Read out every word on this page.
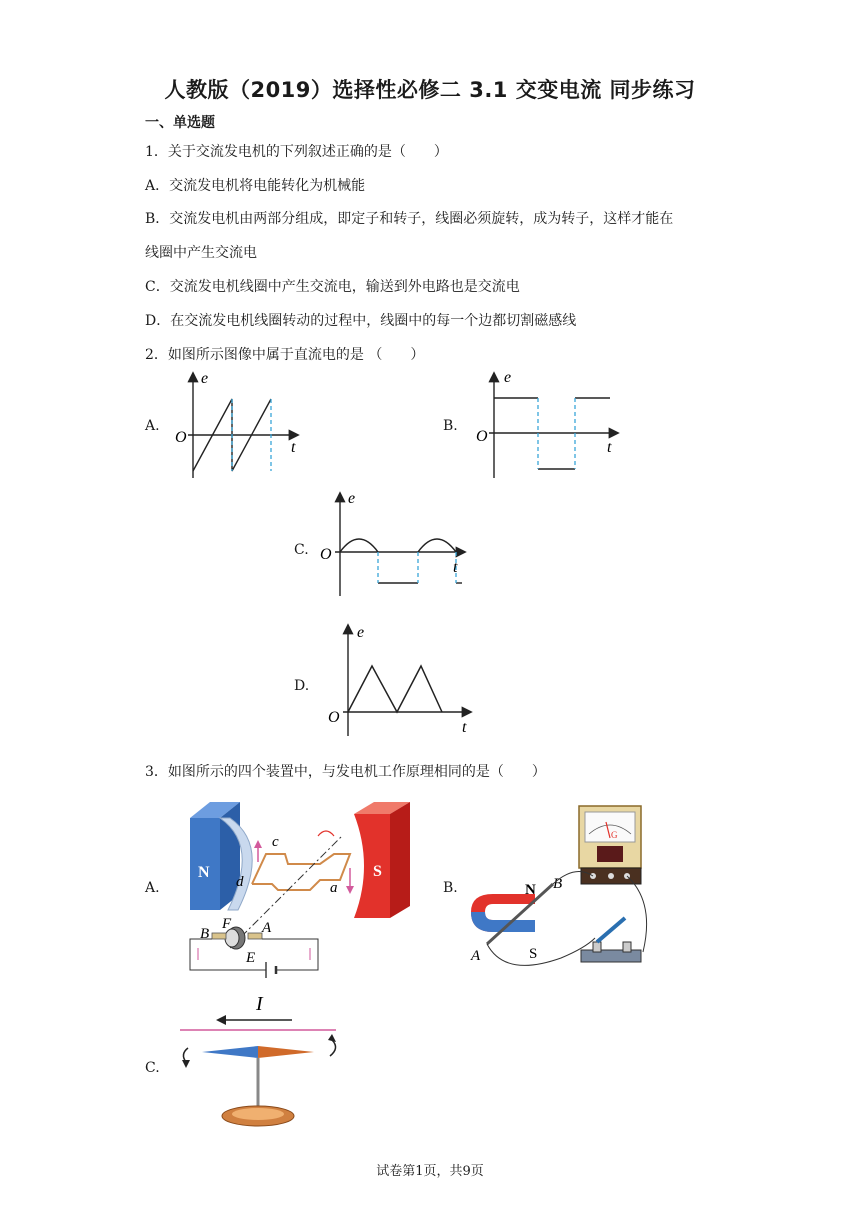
人教版（2019）选择性必修二 3.1 交变电流 同步练习
一、单选题
1．关于交流发电机的下列叙述正确的是（　　）
A．交流发电机将电能转化为机械能
B．交流发电机由两部分组成，即定子和转子，线圈必须旋转，成为转子，这样才能在
线圈中产生交流电
C．交流发电机线圈中产生交流电，输送到外电路也是交流电
D．在交流发电机线圈转动的过程中，线圈中的每一个边都切割磁感线
2．如图所示图像中属于直流电的是 （　　）
A.	B.
C.
D.
e
O
t
e
O
t
e
O
t
e
O
t
3．如图所示的四个装置中，与发电机工作原理相同的是（　　）
A.	B.
C.
N	S
c
d	a
F
B	A
E
G
N
S
B
A
I
试卷第1页，共9页
